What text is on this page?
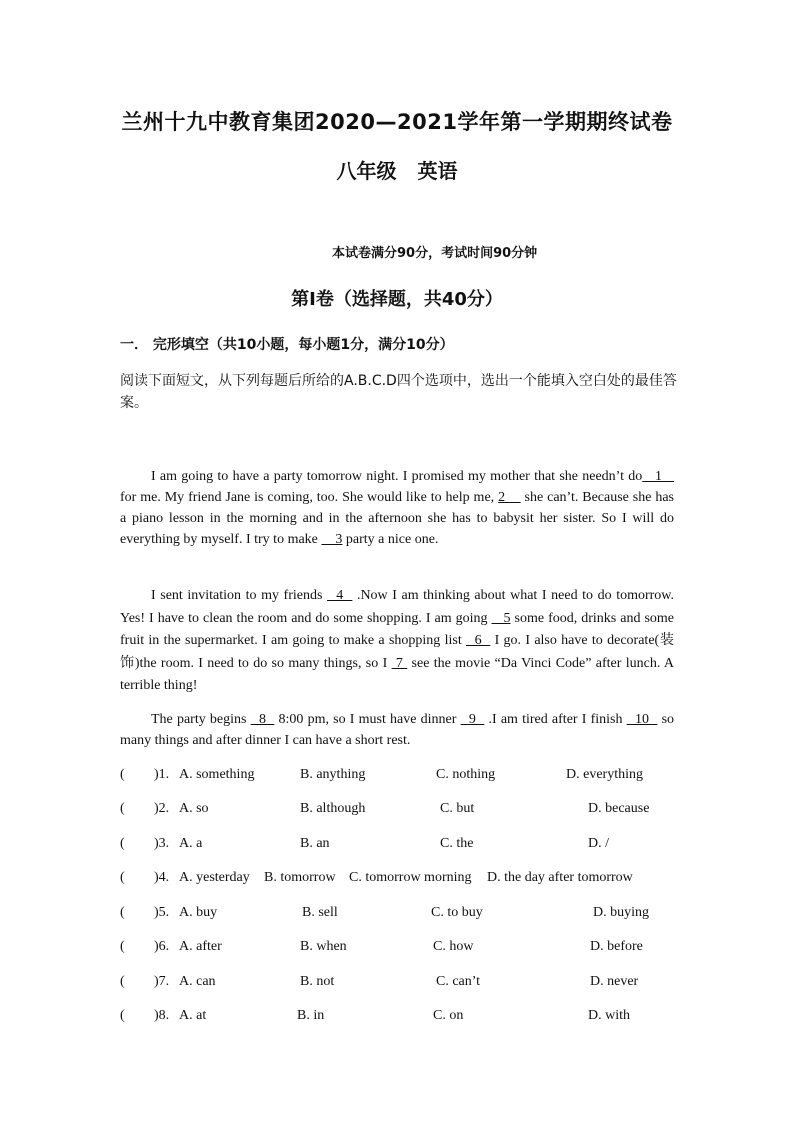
兰州十九中教育集团2020—2021学年第一学期期终试卷
八年级 英语
本试卷满分90分，考试时间90分钟
第Ⅰ卷（选择题，共40分）
一． 完形填空（共10小题，每小题1分，满分10分）
阅读下面短文，从下列每题后所给的A.B.C.D四个选项中，选出一个能填入空白处的最佳答案。
I am going to have a party tomorrow night. I promised my mother that she needn’t do   1    for me. My friend Jane is coming, too. She would like to help me, 2     she can’t. Because she has a piano lesson in the morning and in the afternoon she has to babysit her sister. So I will do everything by myself. I try to make     3 party a nice one.
I sent invitation to my friends   4   .Now I am thinking about what I need to do tomorrow. Yes! I have to clean the room and do some shopping. I am going    5 some food, drinks and some fruit in the supermarket. I am going to make a shopping list   6   I go. I also have to decorate(装饰)the room. I need to do so many things, so I  7  see the movie “Da Vinci Code” after lunch. A terrible thing!
The party begins   8   8:00 pm, so I must have dinner   9   .I am tired after I finish   10   so many things and after dinner I can have a short rest.
( )1. A. something	B. anything	C. nothing	D. everything
( )2. A. so	B. although	C. but	D. because
( )3. A. a	B. an	C. the	D. /
( )4. A. yesterday B. tomorrow C. tomorrow morning D. the day after tomorrow
( )5. A. buy	B. sell	C. to buy	D. buying
( )6. A. after	B. when	C. how	D. before
( )7. A. can	B. not	C. can’t	D. never
( )8. A. at	B. in	C. on	D. with
